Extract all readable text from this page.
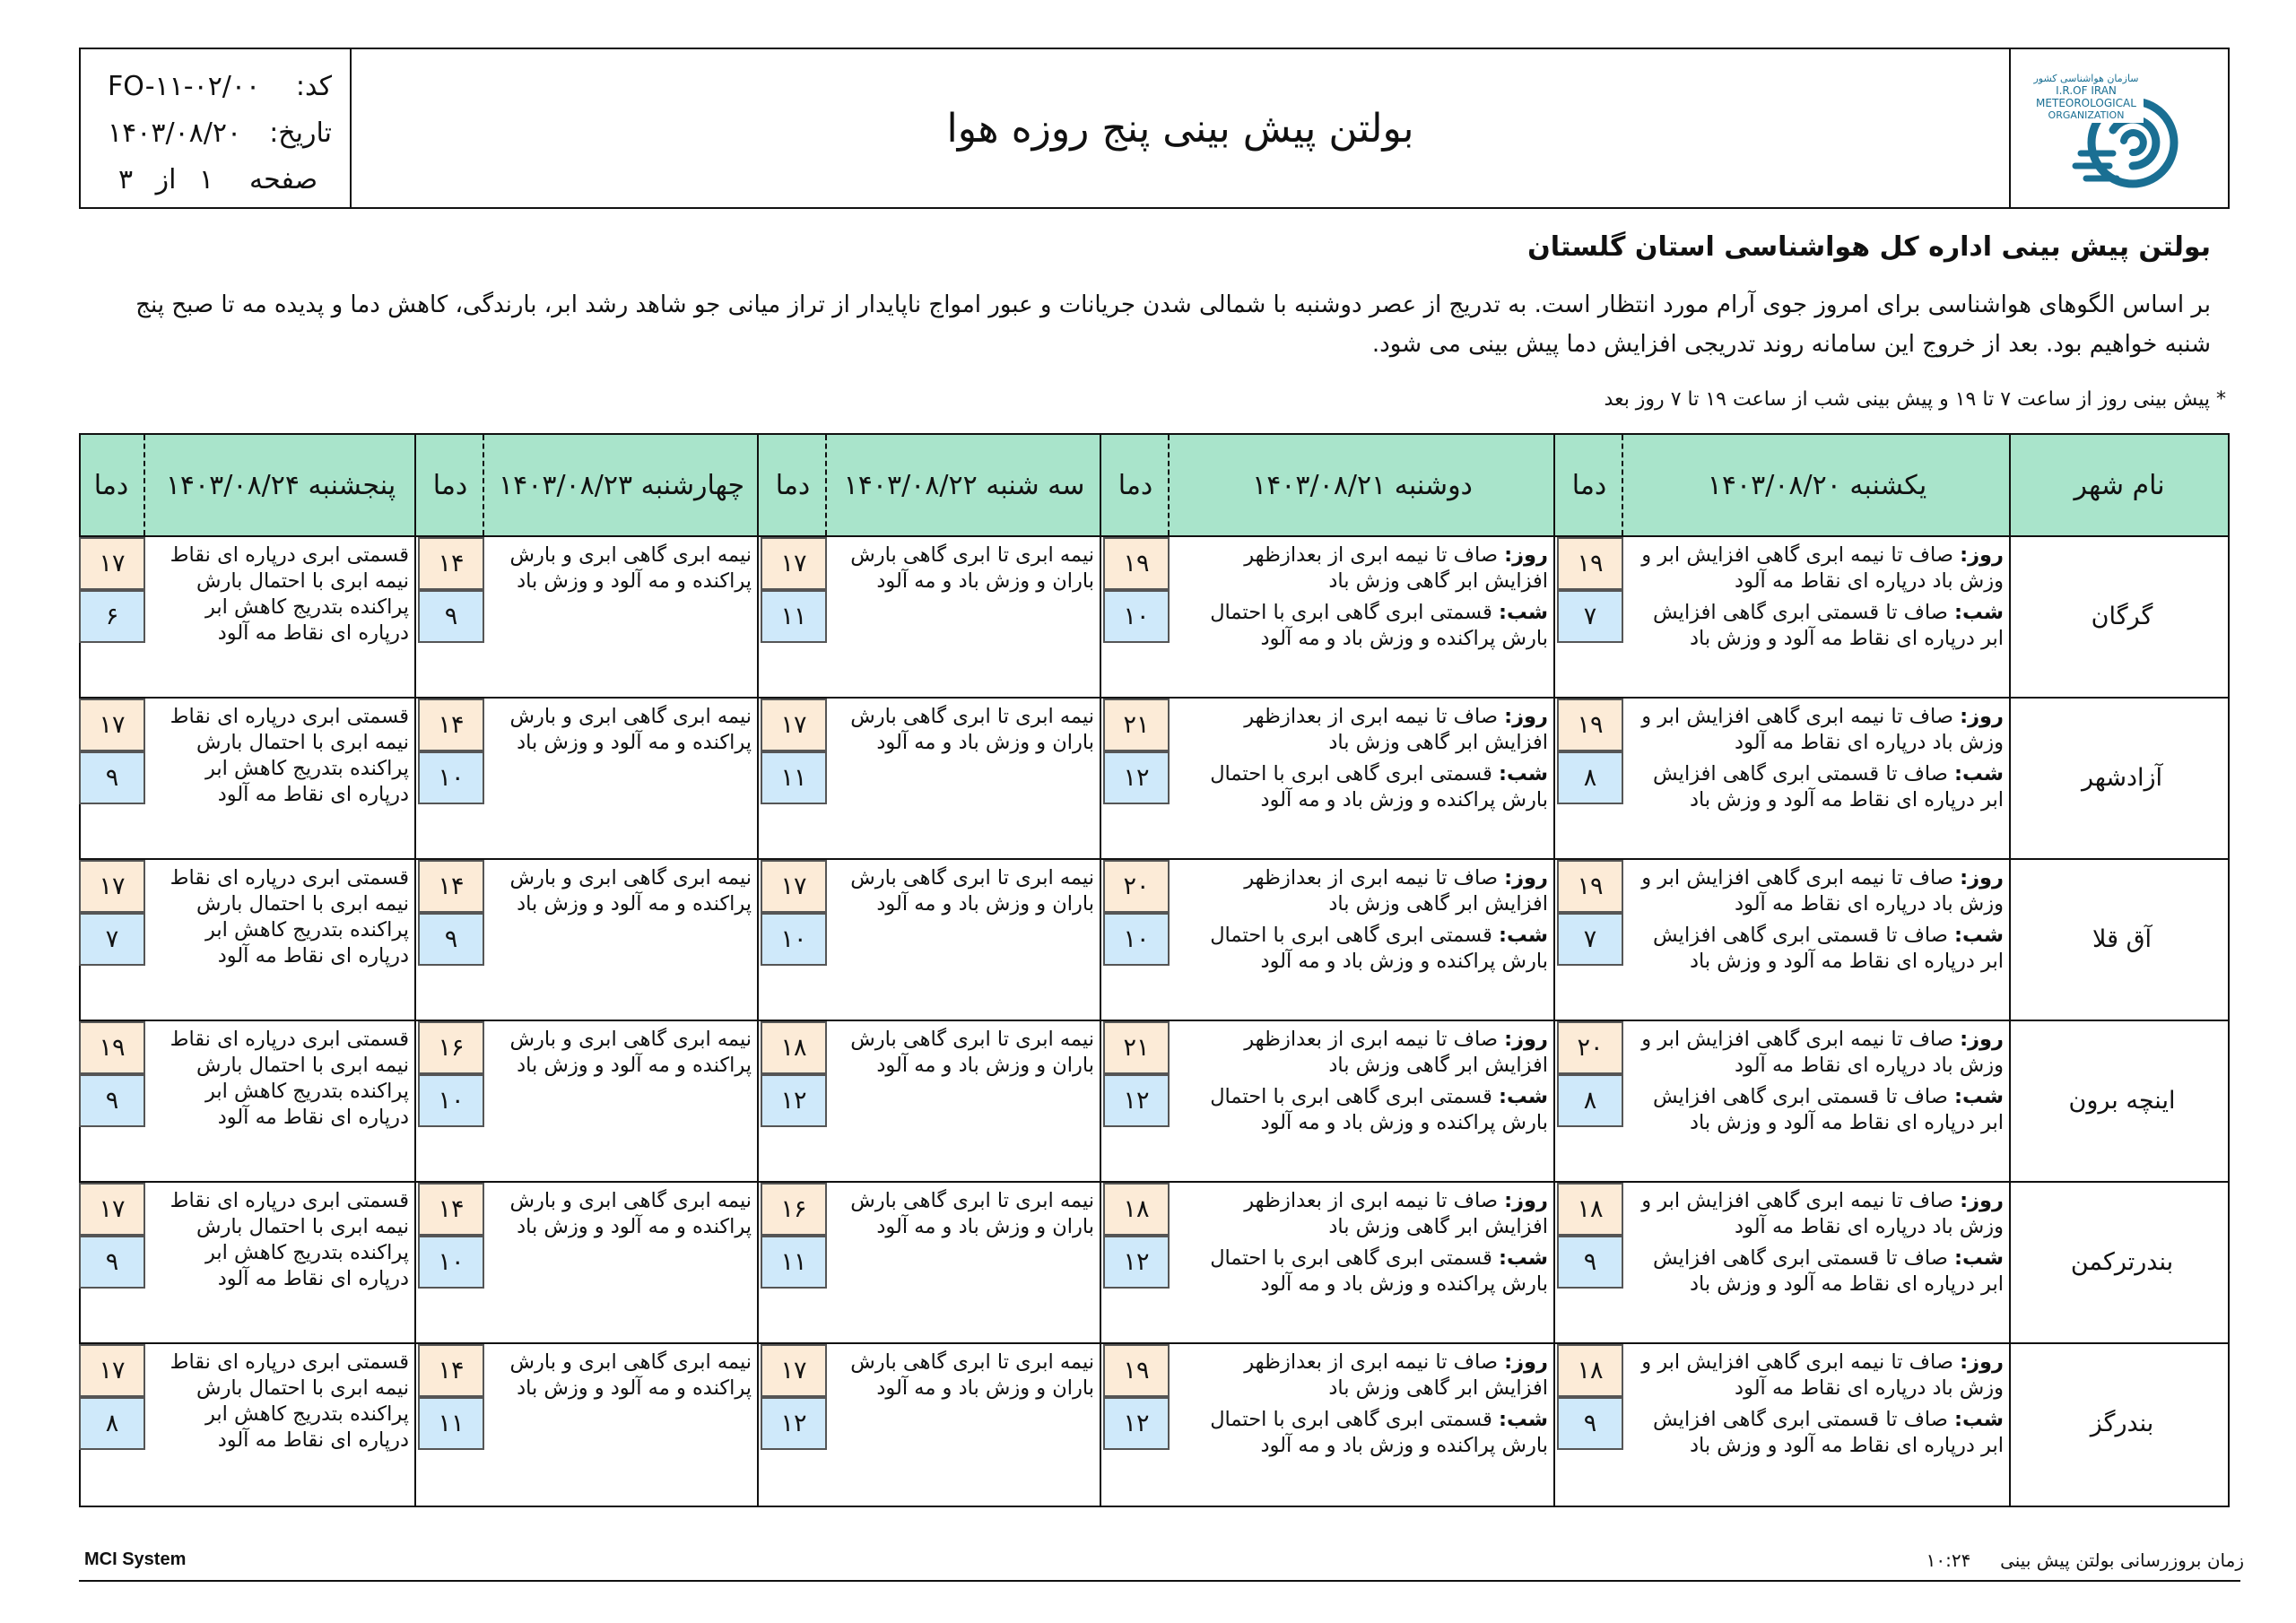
FO-۱۱-۰۲/۰۰ کد:
۱۴۰۳/۰۸/۲۰ تاریخ:
۳ از ۱	صفحه
بولتن پیش بینی پنج روزه هوا
سازمان هواشناسی کشور
I.R.OF IRAN
METEOROLOGICAL
ORGANIZATION
بولتن پیش بینی اداره کل هواشناسی استان گلستان
بر اساس الگوهای هواشناسی برای امروز جوی آرام مورد انتظار است. به تدریج از عصر دوشنبه با شمالی شدن جریانات و عبور امواج ناپایدار از تراز میانی جو شاهد رشد ابر، بارندگی، کاهش دما و پدیده مه تا صبح پنج شنبه خواهیم بود. بعد از خروج این سامانه روند تدریجی افزایش دما پیش بینی می شود.
* پیش بینی روز از ساعت ۷ تا ۱۹ و پیش بینی شب از ساعت ۱۹ تا ۷ روز بعد
نام شهر
یکشنبه ۱۴۰۳/۰۸/۲۰
دما
دوشنبه ۱۴۰۳/۰۸/۲۱
دما
سه شنبه ۱۴۰۳/۰۸/۲۲
دما
چهارشنبه ۱۴۰۳/۰۸/۲۳
دما
پنجشنبه ۱۴۰۳/۰۸/۲۴
دما
گرگان
روز: صاف تا نیمه ابری گاهی افزایش ابر و وزش باد درپاره ای نقاط مه آلود
شب: صاف تا قسمتی ابری گاهی افزایش ابر درپاره ای نقاط مه آلود و وزش باد
۱۹
۷
روز: صاف تا نیمه ابری از بعدازظهر افزایش ابر گاهی وزش باد
شب: قسمتی ابری گاهی ابری با احتمال بارش پراکنده و وزش باد و مه آلود
۱۹
۱۰
نیمه ابری تا ابری گاهی بارش باران و وزش باد و مه آلود
۱۷
۱۱
نیمه ابری گاهی ابری و بارش پراکنده و مه آلود و وزش باد
۱۴
۹
قسمتی ابری درپاره ای نقاط نیمه ابری با احتمال بارش پراکنده بتدریج کاهش ابر درپاره ای نقاط مه آلود
۱۷
۶
آزادشهر
روز: صاف تا نیمه ابری گاهی افزایش ابر و وزش باد درپاره ای نقاط مه آلود
شب: صاف تا قسمتی ابری گاهی افزایش ابر درپاره ای نقاط مه آلود و وزش باد
۱۹
۸
روز: صاف تا نیمه ابری از بعدازظهر افزایش ابر گاهی وزش باد
شب: قسمتی ابری گاهی ابری با احتمال بارش پراکنده و وزش باد و مه آلود
۲۱
۱۲
نیمه ابری تا ابری گاهی بارش باران و وزش باد و مه آلود
۱۷
۱۱
نیمه ابری گاهی ابری و بارش پراکنده و مه آلود و وزش باد
۱۴
۱۰
قسمتی ابری درپاره ای نقاط نیمه ابری با احتمال بارش پراکنده بتدریج کاهش ابر درپاره ای نقاط مه آلود
۱۷
۹
آق قلا
روز: صاف تا نیمه ابری گاهی افزایش ابر و وزش باد درپاره ای نقاط مه آلود
شب: صاف تا قسمتی ابری گاهی افزایش ابر درپاره ای نقاط مه آلود و وزش باد
۱۹
۷
روز: صاف تا نیمه ابری از بعدازظهر افزایش ابر گاهی وزش باد
شب: قسمتی ابری گاهی ابری با احتمال بارش پراکنده و وزش باد و مه آلود
۲۰
۱۰
نیمه ابری تا ابری گاهی بارش باران و وزش باد و مه آلود
۱۷
۱۰
نیمه ابری گاهی ابری و بارش پراکنده و مه آلود و وزش باد
۱۴
۹
قسمتی ابری درپاره ای نقاط نیمه ابری با احتمال بارش پراکنده بتدریج کاهش ابر درپاره ای نقاط مه آلود
۱۷
۷
اینچه برون
روز: صاف تا نیمه ابری گاهی افزایش ابر و وزش باد درپاره ای نقاط مه آلود
شب: صاف تا قسمتی ابری گاهی افزایش ابر درپاره ای نقاط مه آلود و وزش باد
۲۰
۸
روز: صاف تا نیمه ابری از بعدازظهر افزایش ابر گاهی وزش باد
شب: قسمتی ابری گاهی ابری با احتمال بارش پراکنده و وزش باد و مه آلود
۲۱
۱۲
نیمه ابری تا ابری گاهی بارش باران و وزش باد و مه آلود
۱۸
۱۲
نیمه ابری گاهی ابری و بارش پراکنده و مه آلود و وزش باد
۱۶
۱۰
قسمتی ابری درپاره ای نقاط نیمه ابری با احتمال بارش پراکنده بتدریج کاهش ابر درپاره ای نقاط مه آلود
۱۹
۹
بندرترکمن
روز: صاف تا نیمه ابری گاهی افزایش ابر و وزش باد درپاره ای نقاط مه آلود
شب: صاف تا قسمتی ابری گاهی افزایش ابر درپاره ای نقاط مه آلود و وزش باد
۱۸
۹
روز: صاف تا نیمه ابری از بعدازظهر افزایش ابر گاهی وزش باد
شب: قسمتی ابری گاهی ابری با احتمال بارش پراکنده و وزش باد و مه آلود
۱۸
۱۲
نیمه ابری تا ابری گاهی بارش باران و وزش باد و مه آلود
۱۶
۱۱
نیمه ابری گاهی ابری و بارش پراکنده و مه آلود و وزش باد
۱۴
۱۰
قسمتی ابری درپاره ای نقاط نیمه ابری با احتمال بارش پراکنده بتدریج کاهش ابر درپاره ای نقاط مه آلود
۱۷
۹
بندرگز
روز: صاف تا نیمه ابری گاهی افزایش ابر و وزش باد درپاره ای نقاط مه آلود
شب: صاف تا قسمتی ابری گاهی افزایش ابر درپاره ای نقاط مه آلود و وزش باد
۱۸
۹
روز: صاف تا نیمه ابری از بعدازظهر افزایش ابر گاهی وزش باد
شب: قسمتی ابری گاهی ابری با احتمال بارش پراکنده و وزش باد و مه آلود
۱۹
۱۲
نیمه ابری تا ابری گاهی بارش باران و وزش باد و مه آلود
۱۷
۱۲
نیمه ابری گاهی ابری و بارش پراکنده و مه آلود و وزش باد
۱۴
۱۱
قسمتی ابری درپاره ای نقاط نیمه ابری با احتمال بارش پراکنده بتدریج کاهش ابر درپاره ای نقاط مه آلود
۱۷
۸
MCI System	زمان بروزرسانی بولتن پیش بینی  ۱۰:۲۴
